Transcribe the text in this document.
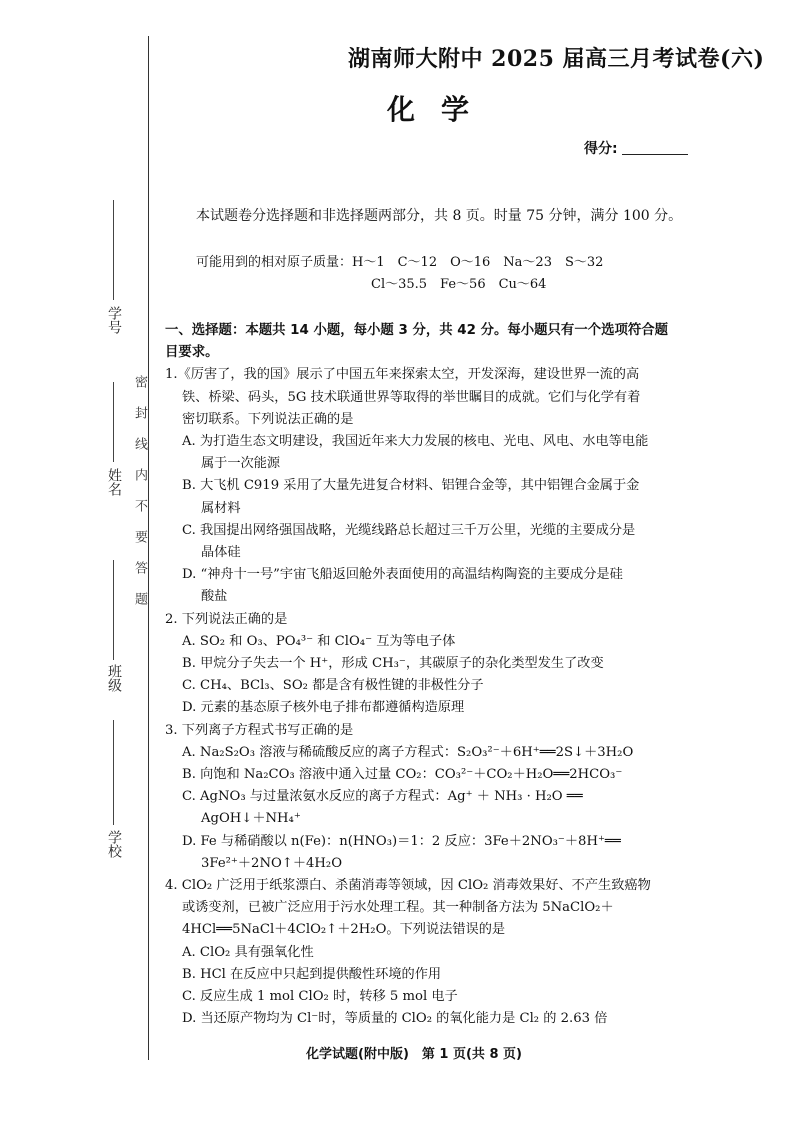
学号
姓名
班级
学校
密封线内不要答题
湖南师大附中 2025 届高三月考试卷(六)
化学
得分:
本试题卷分选择题和非选择题两部分，共 8 页。时量 75 分钟，满分 100 分。
可能用到的相对原子质量：H～1　C～12　O～16　Na～23　S～32
Cl～35.5　Fe～56　Cu～64
一、选择题：本题共 14 小题，每小题 3 分，共 42 分。每小题只有一个选项符合题
目要求。
1.《厉害了，我的国》展示了中国五年来探索太空，开发深海，建设世界一流的高
铁、桥梁、码头，5G 技术联通世界等取得的举世瞩目的成就。它们与化学有着
密切联系。下列说法正确的是
A. 为打造生态文明建设，我国近年来大力发展的核电、光电、风电、水电等电能
属于一次能源
B. 大飞机 C919 采用了大量先进复合材料、铝锂合金等，其中铝锂合金属于金
属材料
C. 我国提出网络强国战略，光缆线路总长超过三千万公里，光缆的主要成分是
晶体硅
D. “神舟十一号”宇宙飞船返回舱外表面使用的高温结构陶瓷的主要成分是硅
酸盐
2. 下列说法正确的是
A. SO₂ 和 O₃、PO₄³⁻ 和 ClO₄⁻ 互为等电子体
B. 甲烷分子失去一个 H⁺，形成 CH₃⁻，其碳原子的杂化类型发生了改变
C. CH₄、BCl₃、SO₂ 都是含有极性键的非极性分子
D. 元素的基态原子核外电子排布都遵循构造原理
3. 下列离子方程式书写正确的是
A. Na₂S₂O₃ 溶液与稀硫酸反应的离子方程式：S₂O₃²⁻＋6H⁺══2S↓＋3H₂O
B. 向饱和 Na₂CO₃ 溶液中通入过量 CO₂：CO₃²⁻＋CO₂＋H₂O══2HCO₃⁻
C. AgNO₃ 与过量浓氨水反应的离子方程式：Ag⁺ ＋ NH₃ · H₂O ══
AgOH↓＋NH₄⁺
D. Fe 与稀硝酸以 n(Fe)：n(HNO₃)＝1：2 反应：3Fe＋2NO₃⁻＋8H⁺══
3Fe²⁺＋2NO↑＋4H₂O
4. ClO₂ 广泛用于纸浆漂白、杀菌消毒等领域，因 ClO₂ 消毒效果好、不产生致癌物
或诱变剂，已被广泛应用于污水处理工程。其一种制备方法为 5NaClO₂＋
4HCl══5NaCl＋4ClO₂↑＋2H₂O。下列说法错误的是
A. ClO₂ 具有强氧化性
B. HCl 在反应中只起到提供酸性环境的作用
C. 反应生成 1 mol ClO₂ 时，转移 5 mol 电子
D. 当还原产物均为 Cl⁻时，等质量的 ClO₂ 的氧化能力是 Cl₂ 的 2.63 倍
化学试题(附中版)　第 1 页(共 8 页)
